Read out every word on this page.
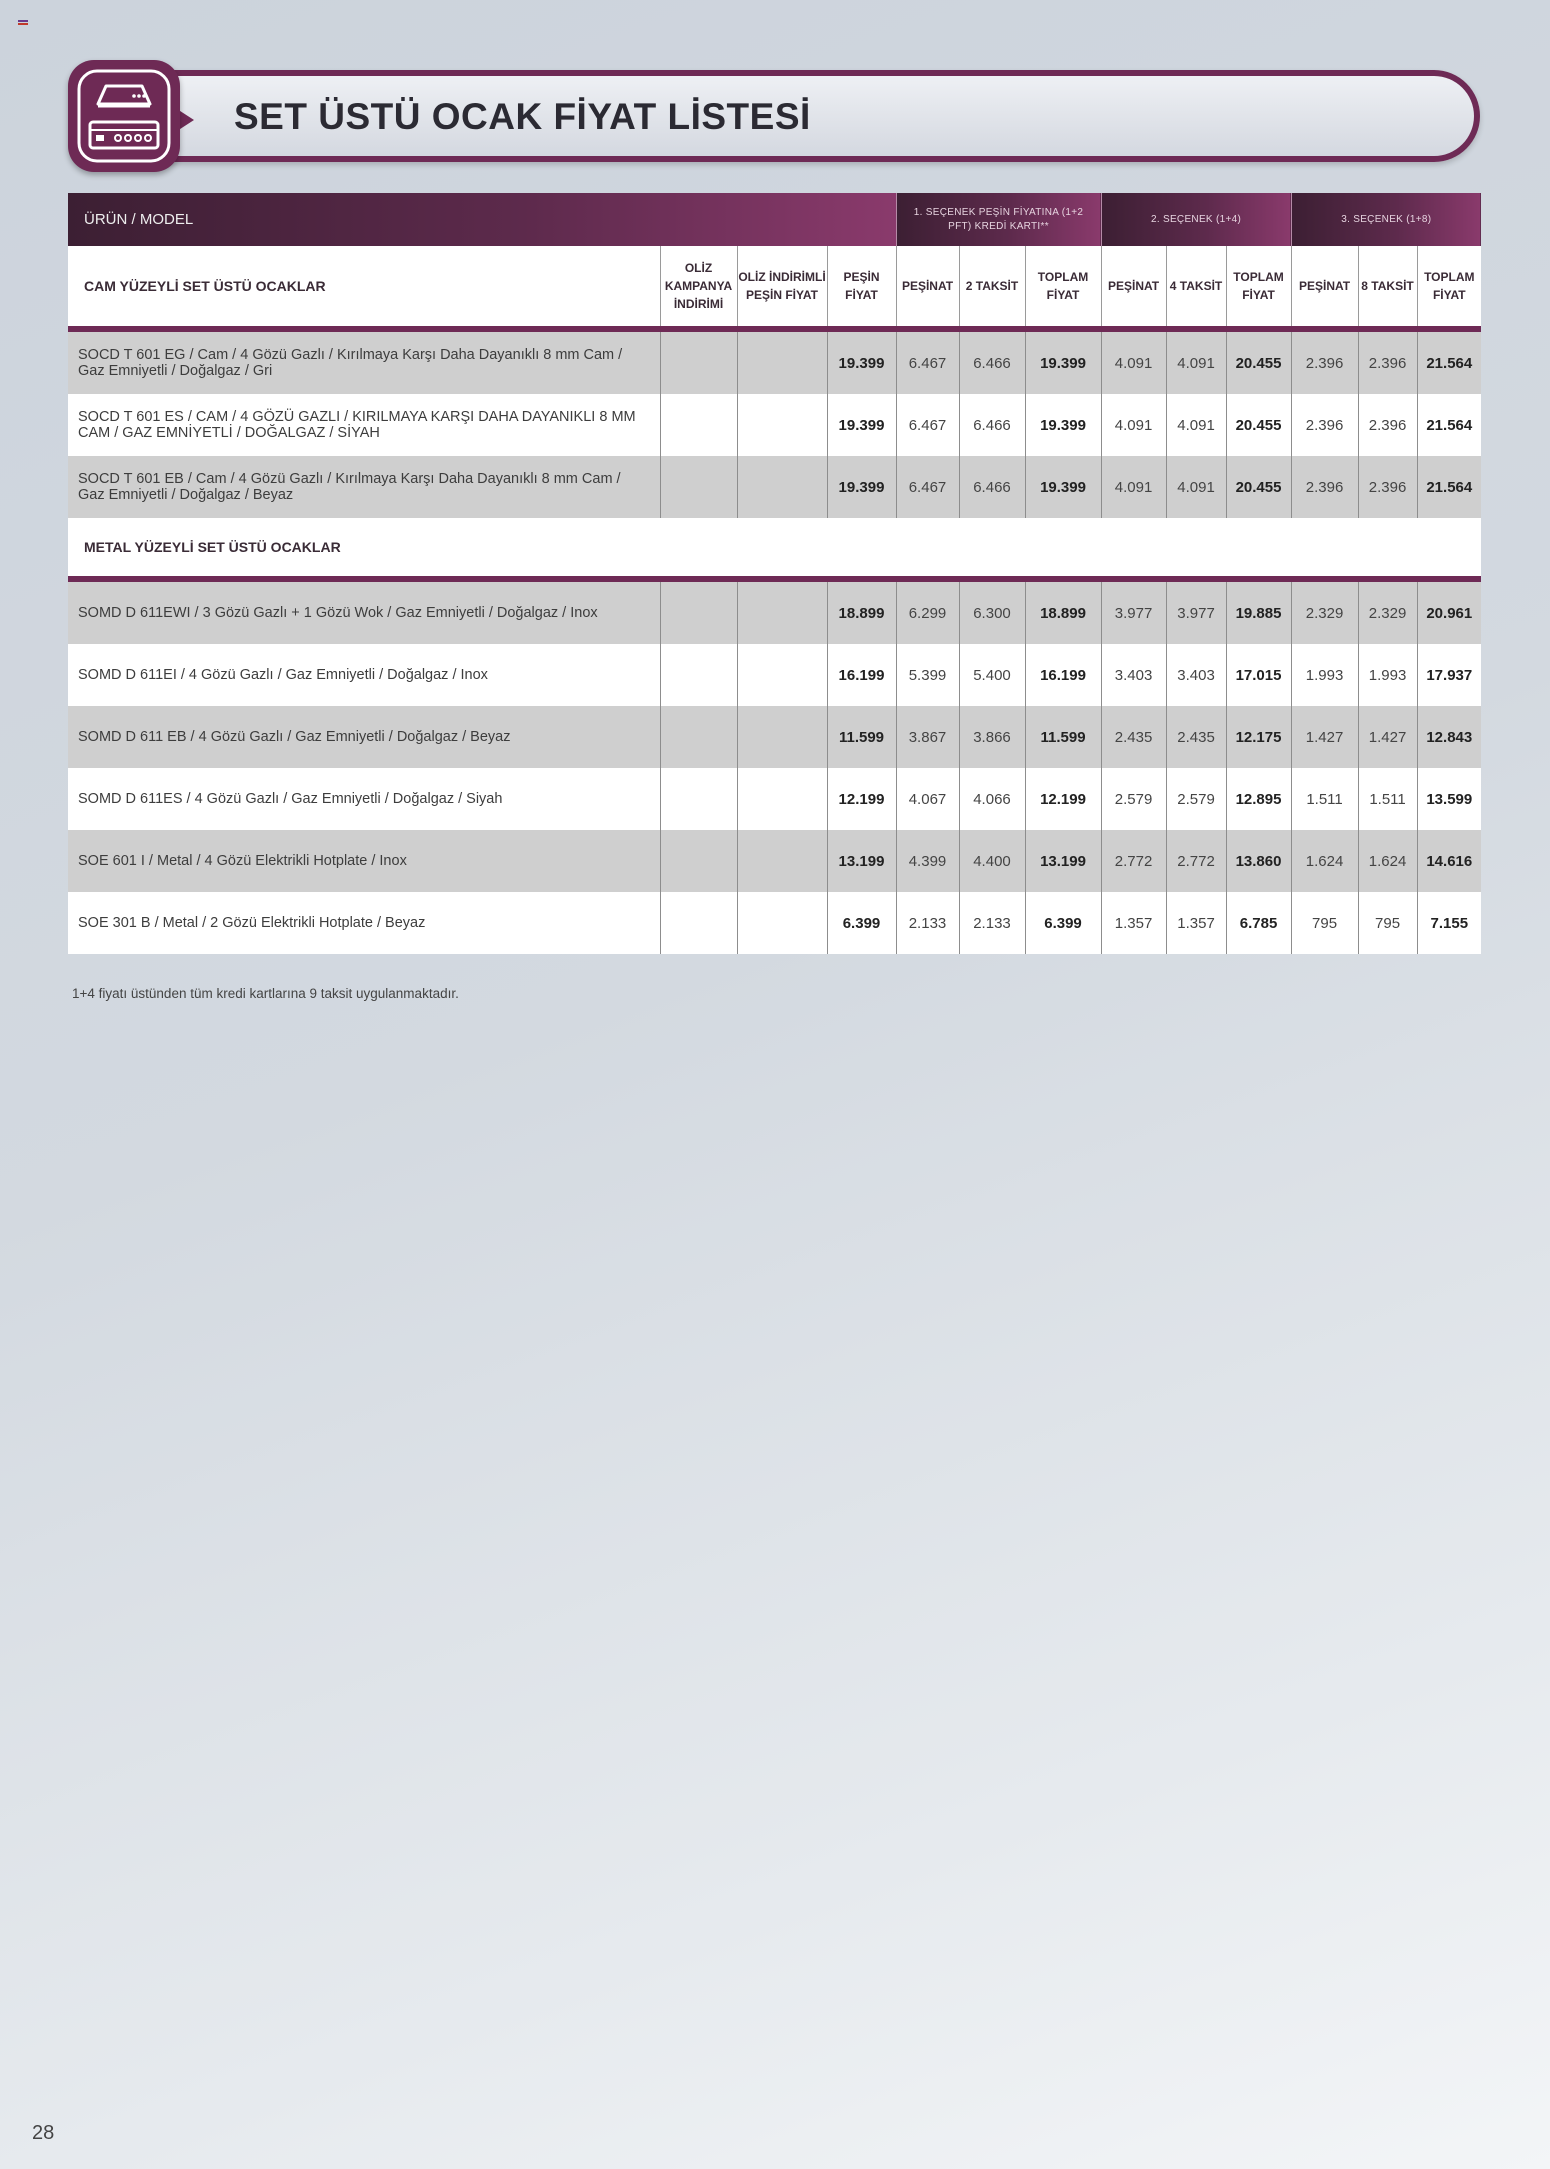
SET ÜSTÜ OCAK FİYAT LİSTESİ
ÜRÜN / MODEL				1. SEÇENEK PEŞİN FİYATINA (1+2 PFT) KREDİ KARTI**			2. SEÇENEK (1+4)			3. SEÇENEK (1+8)		
CAM YÜZEYLİ SET ÜSTÜ OCAKLAR	OLİZ KAMPANYA İNDİRİMİ	OLİZ İNDİRİMLİ PEŞİN FİYAT	PEŞİN FİYAT	PEŞİNAT	2 TAKSİT	TOPLAM FİYAT	PEŞİNAT	4 TAKSİT	TOPLAM FİYAT	PEŞİNAT	8 TAKSİT	TOPLAM FİYAT

SOCD T 601 EG / Cam / 4 Gözü Gazlı / Kırılmaya Karşı Daha Dayanıklı 8 mm Cam / Gaz Emniyetli / Doğalgaz / Gri			19.399	6.467	6.466	19.399	4.091	4.091	20.455	2.396	2.396	21.564
SOCD T 601 ES / CAM / 4 GÖZÜ GAZLI / KIRILMAYA KARŞI DAHA DAYANIKLI 8 MM CAM / GAZ EMNİYETLİ / DOĞALGAZ / SİYAH			19.399	6.467	6.466	19.399	4.091	4.091	20.455	2.396	2.396	21.564
SOCD T 601 EB / Cam / 4 Gözü Gazlı / Kırılmaya Karşı Daha Dayanıklı 8 mm Cam / Gaz Emniyetli / Doğalgaz / Beyaz			19.399	6.467	6.466	19.399	4.091	4.091	20.455	2.396	2.396	21.564
METAL YÜZEYLİ SET ÜSTÜ OCAKLAR												

SOMD D 611EWI / 3 Gözü Gazlı + 1 Gözü Wok / Gaz Emniyetli / Doğalgaz / Inox			18.899	6.299	6.300	18.899	3.977	3.977	19.885	2.329	2.329	20.961
SOMD D 611EI / 4 Gözü Gazlı / Gaz Emniyetli / Doğalgaz / Inox			16.199	5.399	5.400	16.199	3.403	3.403	17.015	1.993	1.993	17.937
SOMD D 611 EB / 4 Gözü Gazlı / Gaz Emniyetli / Doğalgaz / Beyaz			11.599	3.867	3.866	11.599	2.435	2.435	12.175	1.427	1.427	12.843
SOMD D 611ES / 4 Gözü Gazlı / Gaz Emniyetli / Doğalgaz / Siyah			12.199	4.067	4.066	12.199	2.579	2.579	12.895	1.511	1.511	13.599
SOE 601 I / Metal / 4 Gözü Elektrikli Hotplate / Inox			13.199	4.399	4.400	13.199	2.772	2.772	13.860	1.624	1.624	14.616
SOE 301 B / Metal / 2 Gözü Elektrikli Hotplate / Beyaz			6.399	2.133	2.133	6.399	1.357	1.357	6.785	795	795	7.155
1+4 fiyatı üstünden tüm kredi kartlarına 9 taksit uygulanmaktadır.
28
